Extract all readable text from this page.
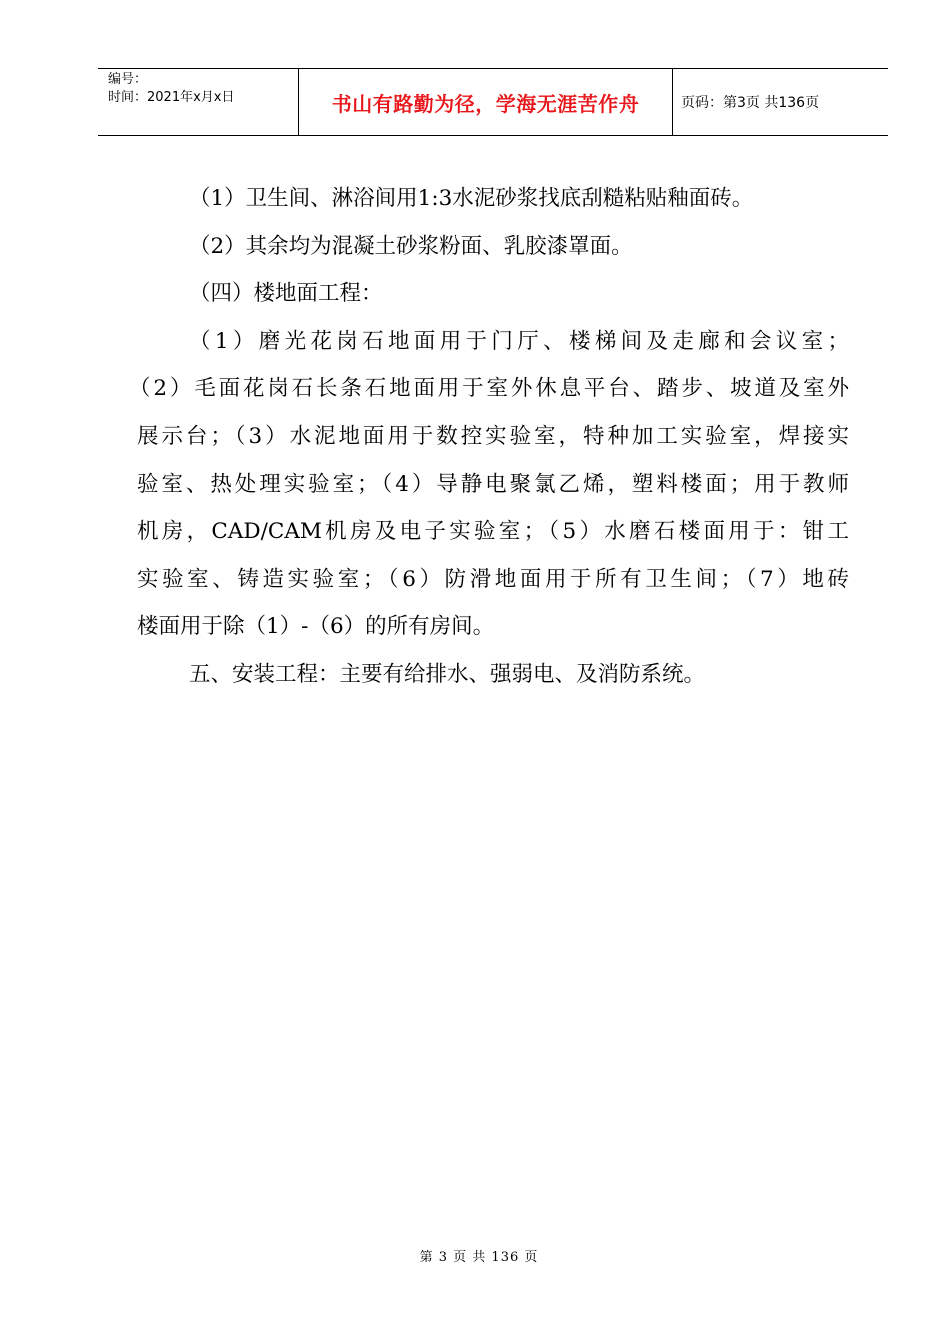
编号：
时间：2021年x月x日	书山有路勤为径，学海无涯苦作舟	页码：第3页 共136页

（1）卫生间、淋浴间用1:3水泥砂浆找底刮糙粘贴釉面砖。

（2）其余均为混凝土砂浆粉面、乳胶漆罩面。

（四）楼地面工程：

（1）磨光花岗石地面用于门厅、楼梯间及走廊和会议室；

（2）毛面花岗石长条石地面用于室外休息平台、踏步、坡道及室外

展示台；（3）水泥地面用于数控实验室，特种加工实验室，焊接实

验室、热处理实验室；（4）导静电聚氯乙烯，塑料楼面；用于教师

机房，CAD/CAM机房及电子实验室；（5）水磨石楼面用于：钳工

实验室、铸造实验室；（6）防滑地面用于所有卫生间；（7）地砖

楼面用于除（1）-（6）的所有房间。

五、安装工程：主要有给排水、强弱电、及消防系统。

第 3 页 共 136 页
